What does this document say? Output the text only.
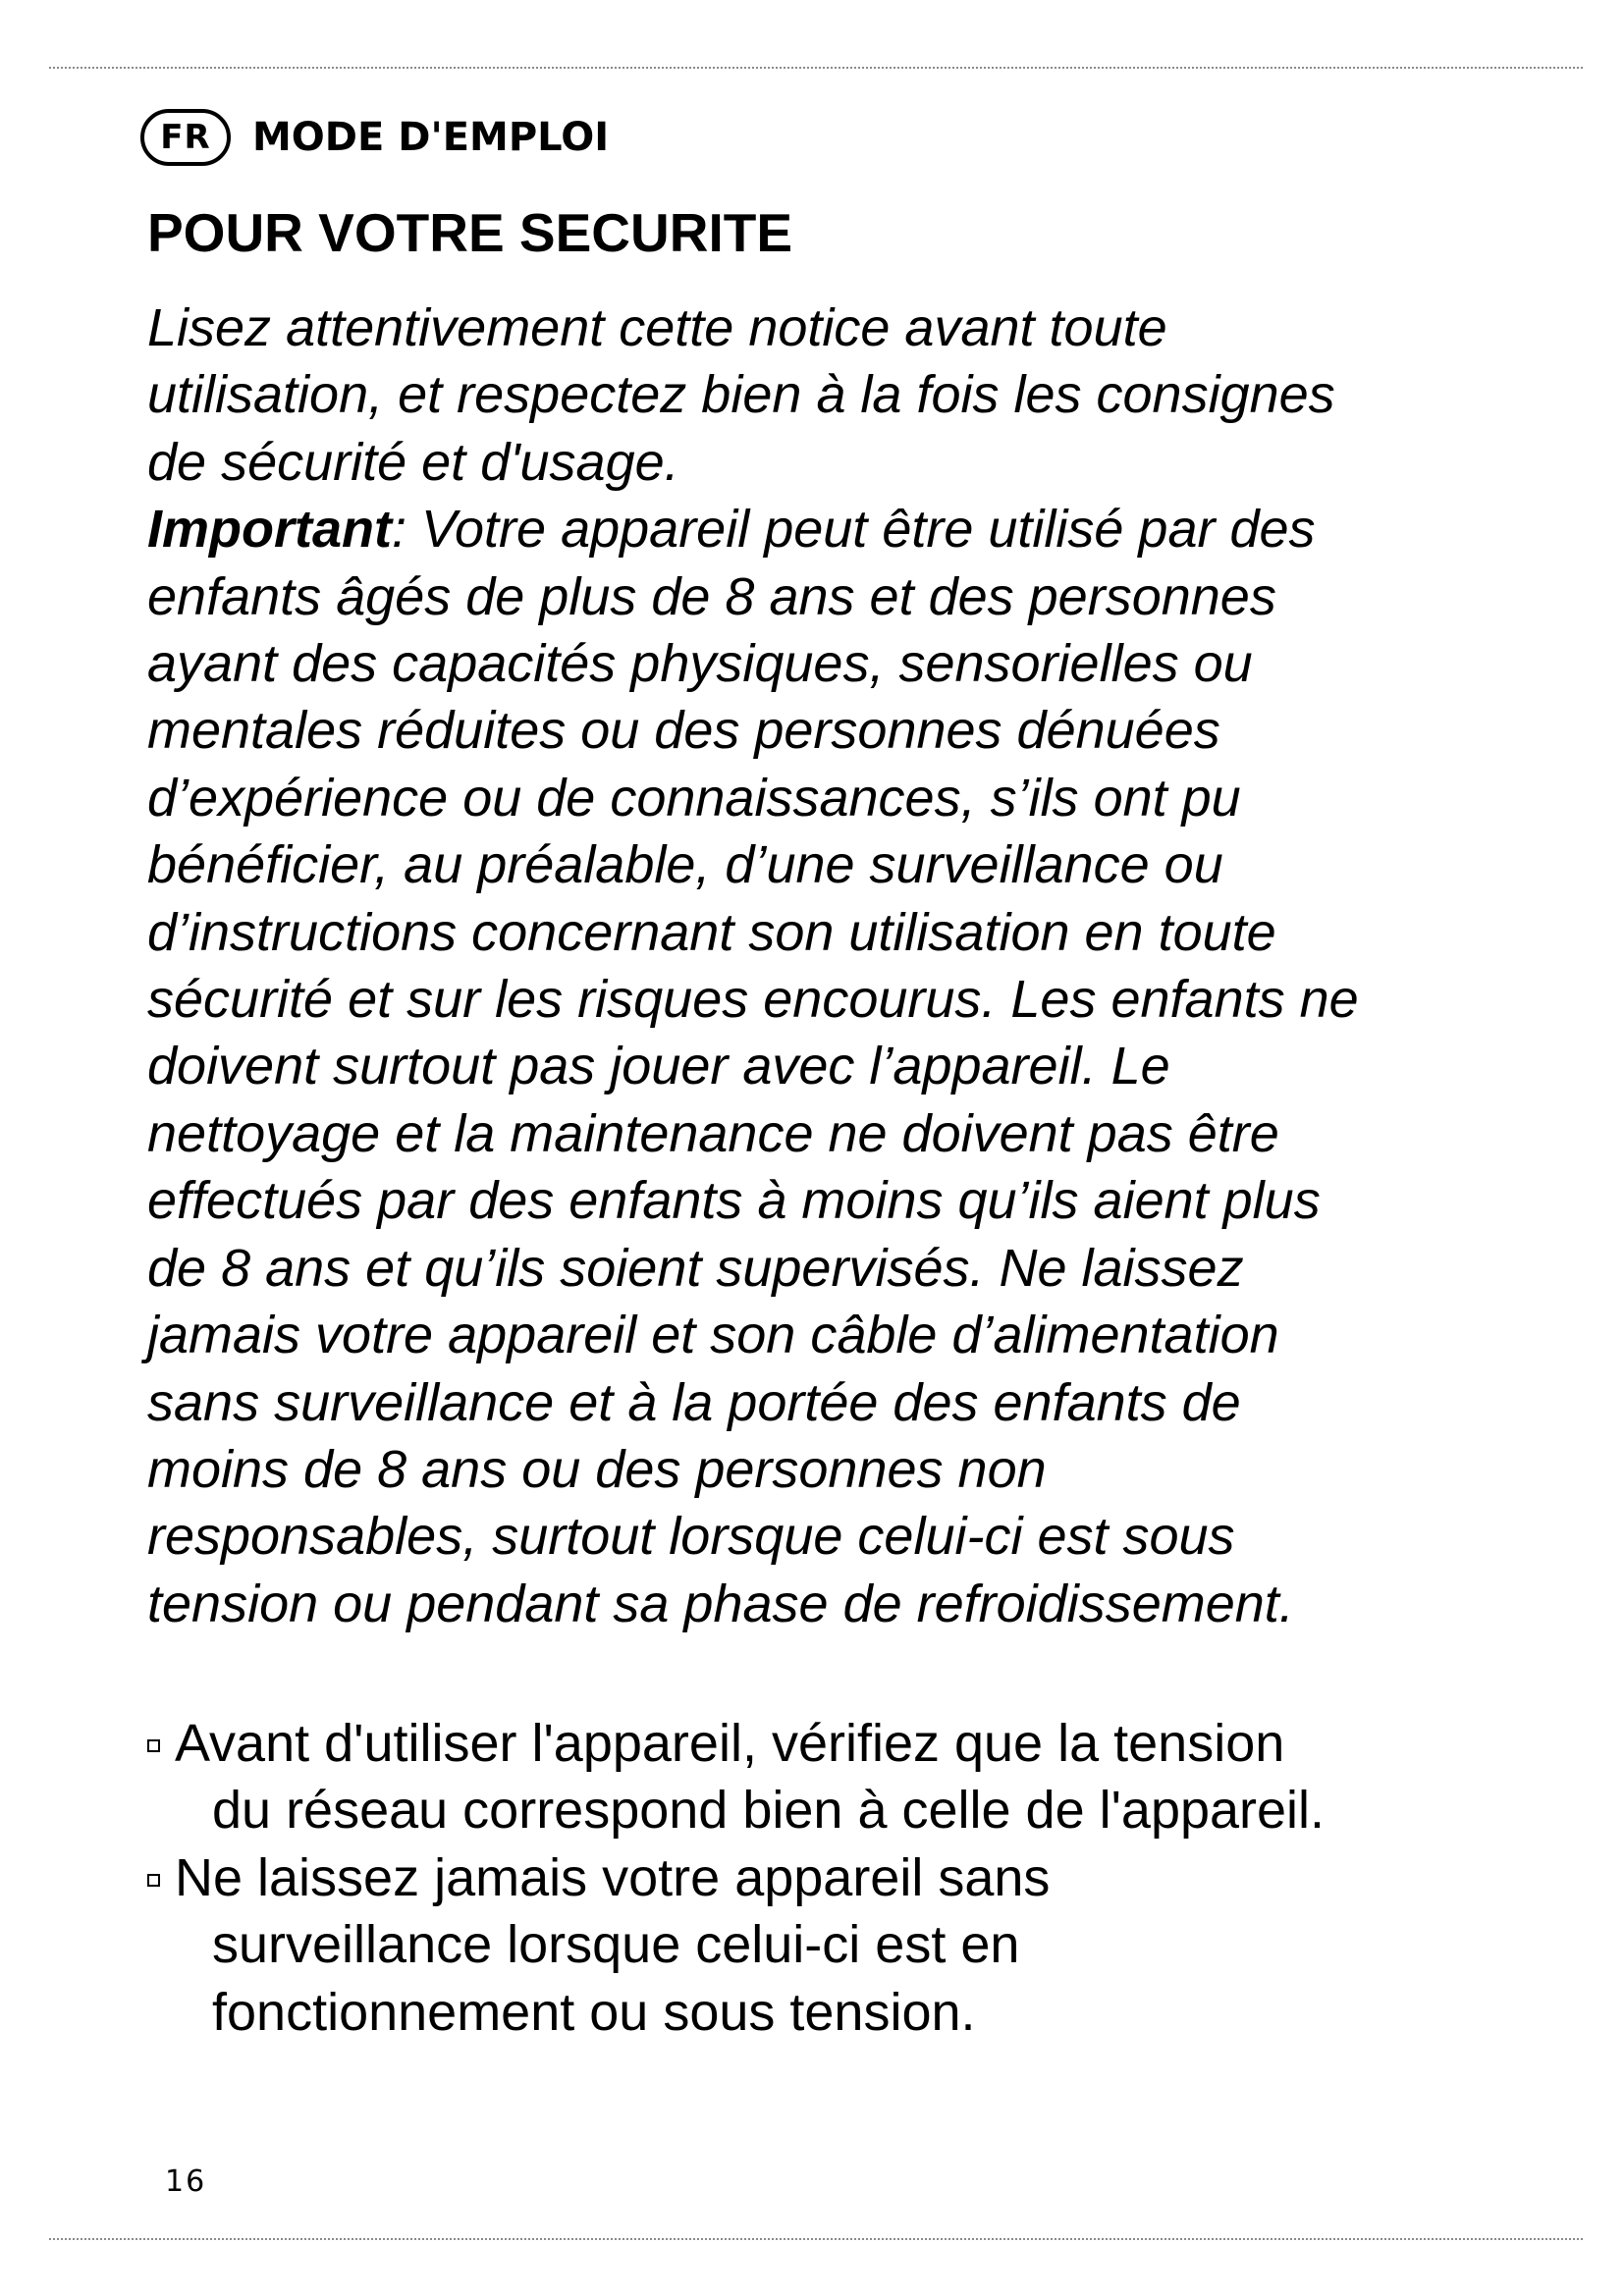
FR	MODE D'EMPLOI
POUR VOTRE SECURITE
Lisez attentivement cette notice avant toute
utilisation, et respectez bien à la fois les consignes
de sécurité et d'usage.
Important: Votre appareil peut être utilisé par des
enfants âgés de plus de 8 ans et des personnes
ayant des capacités physiques, sensorielles ou
mentales réduites ou des personnes dénuées
d’expérience ou de connaissances, s’ils ont pu
bénéficier, au préalable, d’une surveillance ou
d’instructions concernant son utilisation en toute
sécurité et sur les risques encourus. Les enfants ne
doivent surtout pas jouer avec l’appareil. Le
nettoyage et la maintenance ne doivent pas être
effectués par des enfants à moins qu’ils aient plus
de 8 ans et qu’ils soient supervisés. Ne laissez
jamais votre appareil et son câble d’alimentation
sans surveillance et à la portée des enfants de
moins de 8 ans ou des personnes non
responsables, surtout lorsque celui-ci est sous
tension ou pendant sa phase de refroidissement.
Avant d'utiliser l'appareil, vérifiez que la tension
du réseau correspond bien à celle de l'appareil.
Ne laissez jamais votre appareil sans
surveillance lorsque celui-ci est en
fonctionnement ou sous tension.
16
